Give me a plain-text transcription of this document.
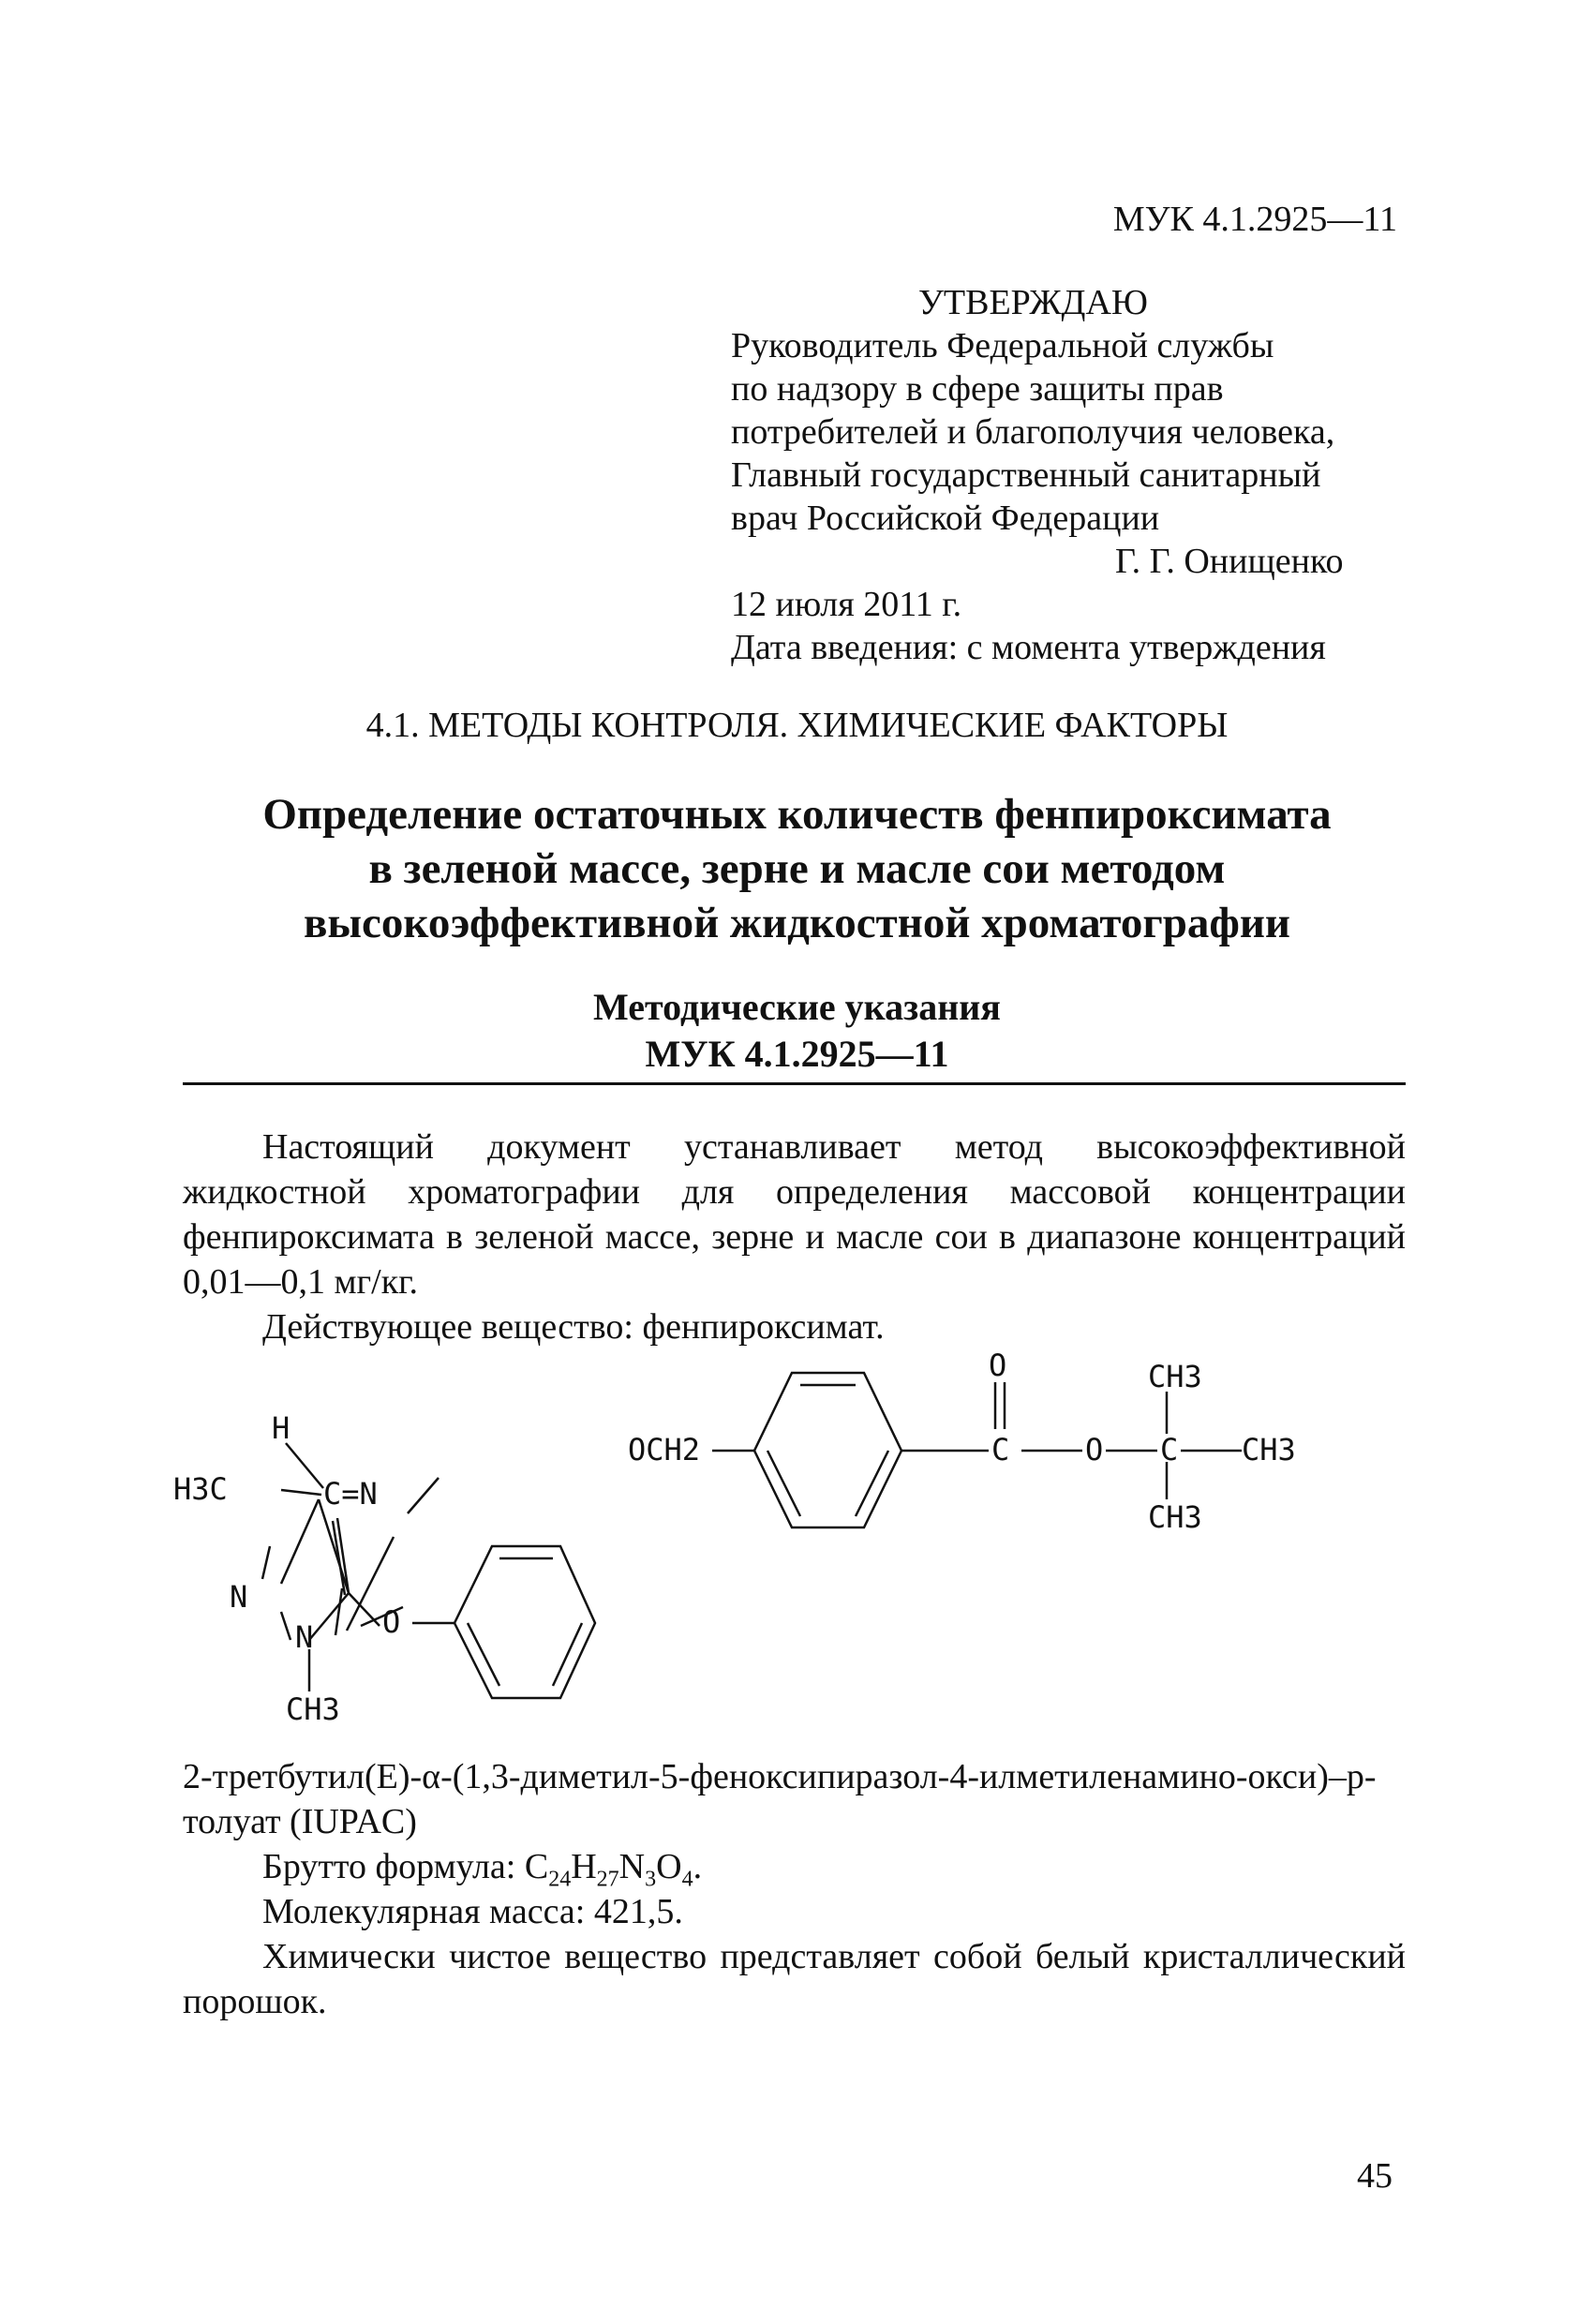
МУК 4.1.2925—11
УТВЕРЖДАЮ
Руководитель Федеральной службы
по надзору в сфере защиты прав
потребителей и благополучия человека,
Главный государственный санитарный
врач Российской Федерации
Г. Г. Онищенко
12 июля 2011 г.
Дата введения: с момента утверждения
4.1. МЕТОДЫ КОНТРОЛЯ. ХИМИЧЕСКИЕ ФАКТОРЫ
Определение остаточных количеств фенпироксимата
в зеленой массе, зерне и масле сои методом
высокоэффективной жидкостной хроматографии
Методические указания
МУК 4.1.2925—11
Настоящий документ устанавливает метод высокоэффективной жидкостной хроматографии для определения массовой концентрации фенпироксимата в зеленой массе, зерне и масле сои в диапазоне концентраций 0,01—0,1 мг/кг.
Действующее вещество: фенпироксимат.
O	CH3
H
OCH2	C	O C CH3
H3C	C=N
CH3
N
N O
CH3
2-третбутил(E)-α-(1,3-диметил-5-феноксипиразол-4-илметиленамино-окси)–p-толуат (IUPAC)
Брутто формула: $C_{24}H_{27}N_3O_4$.
Молекулярная масса: 421,5.
Химически чистое вещество представляет собой белый кристаллический порошок.
45
